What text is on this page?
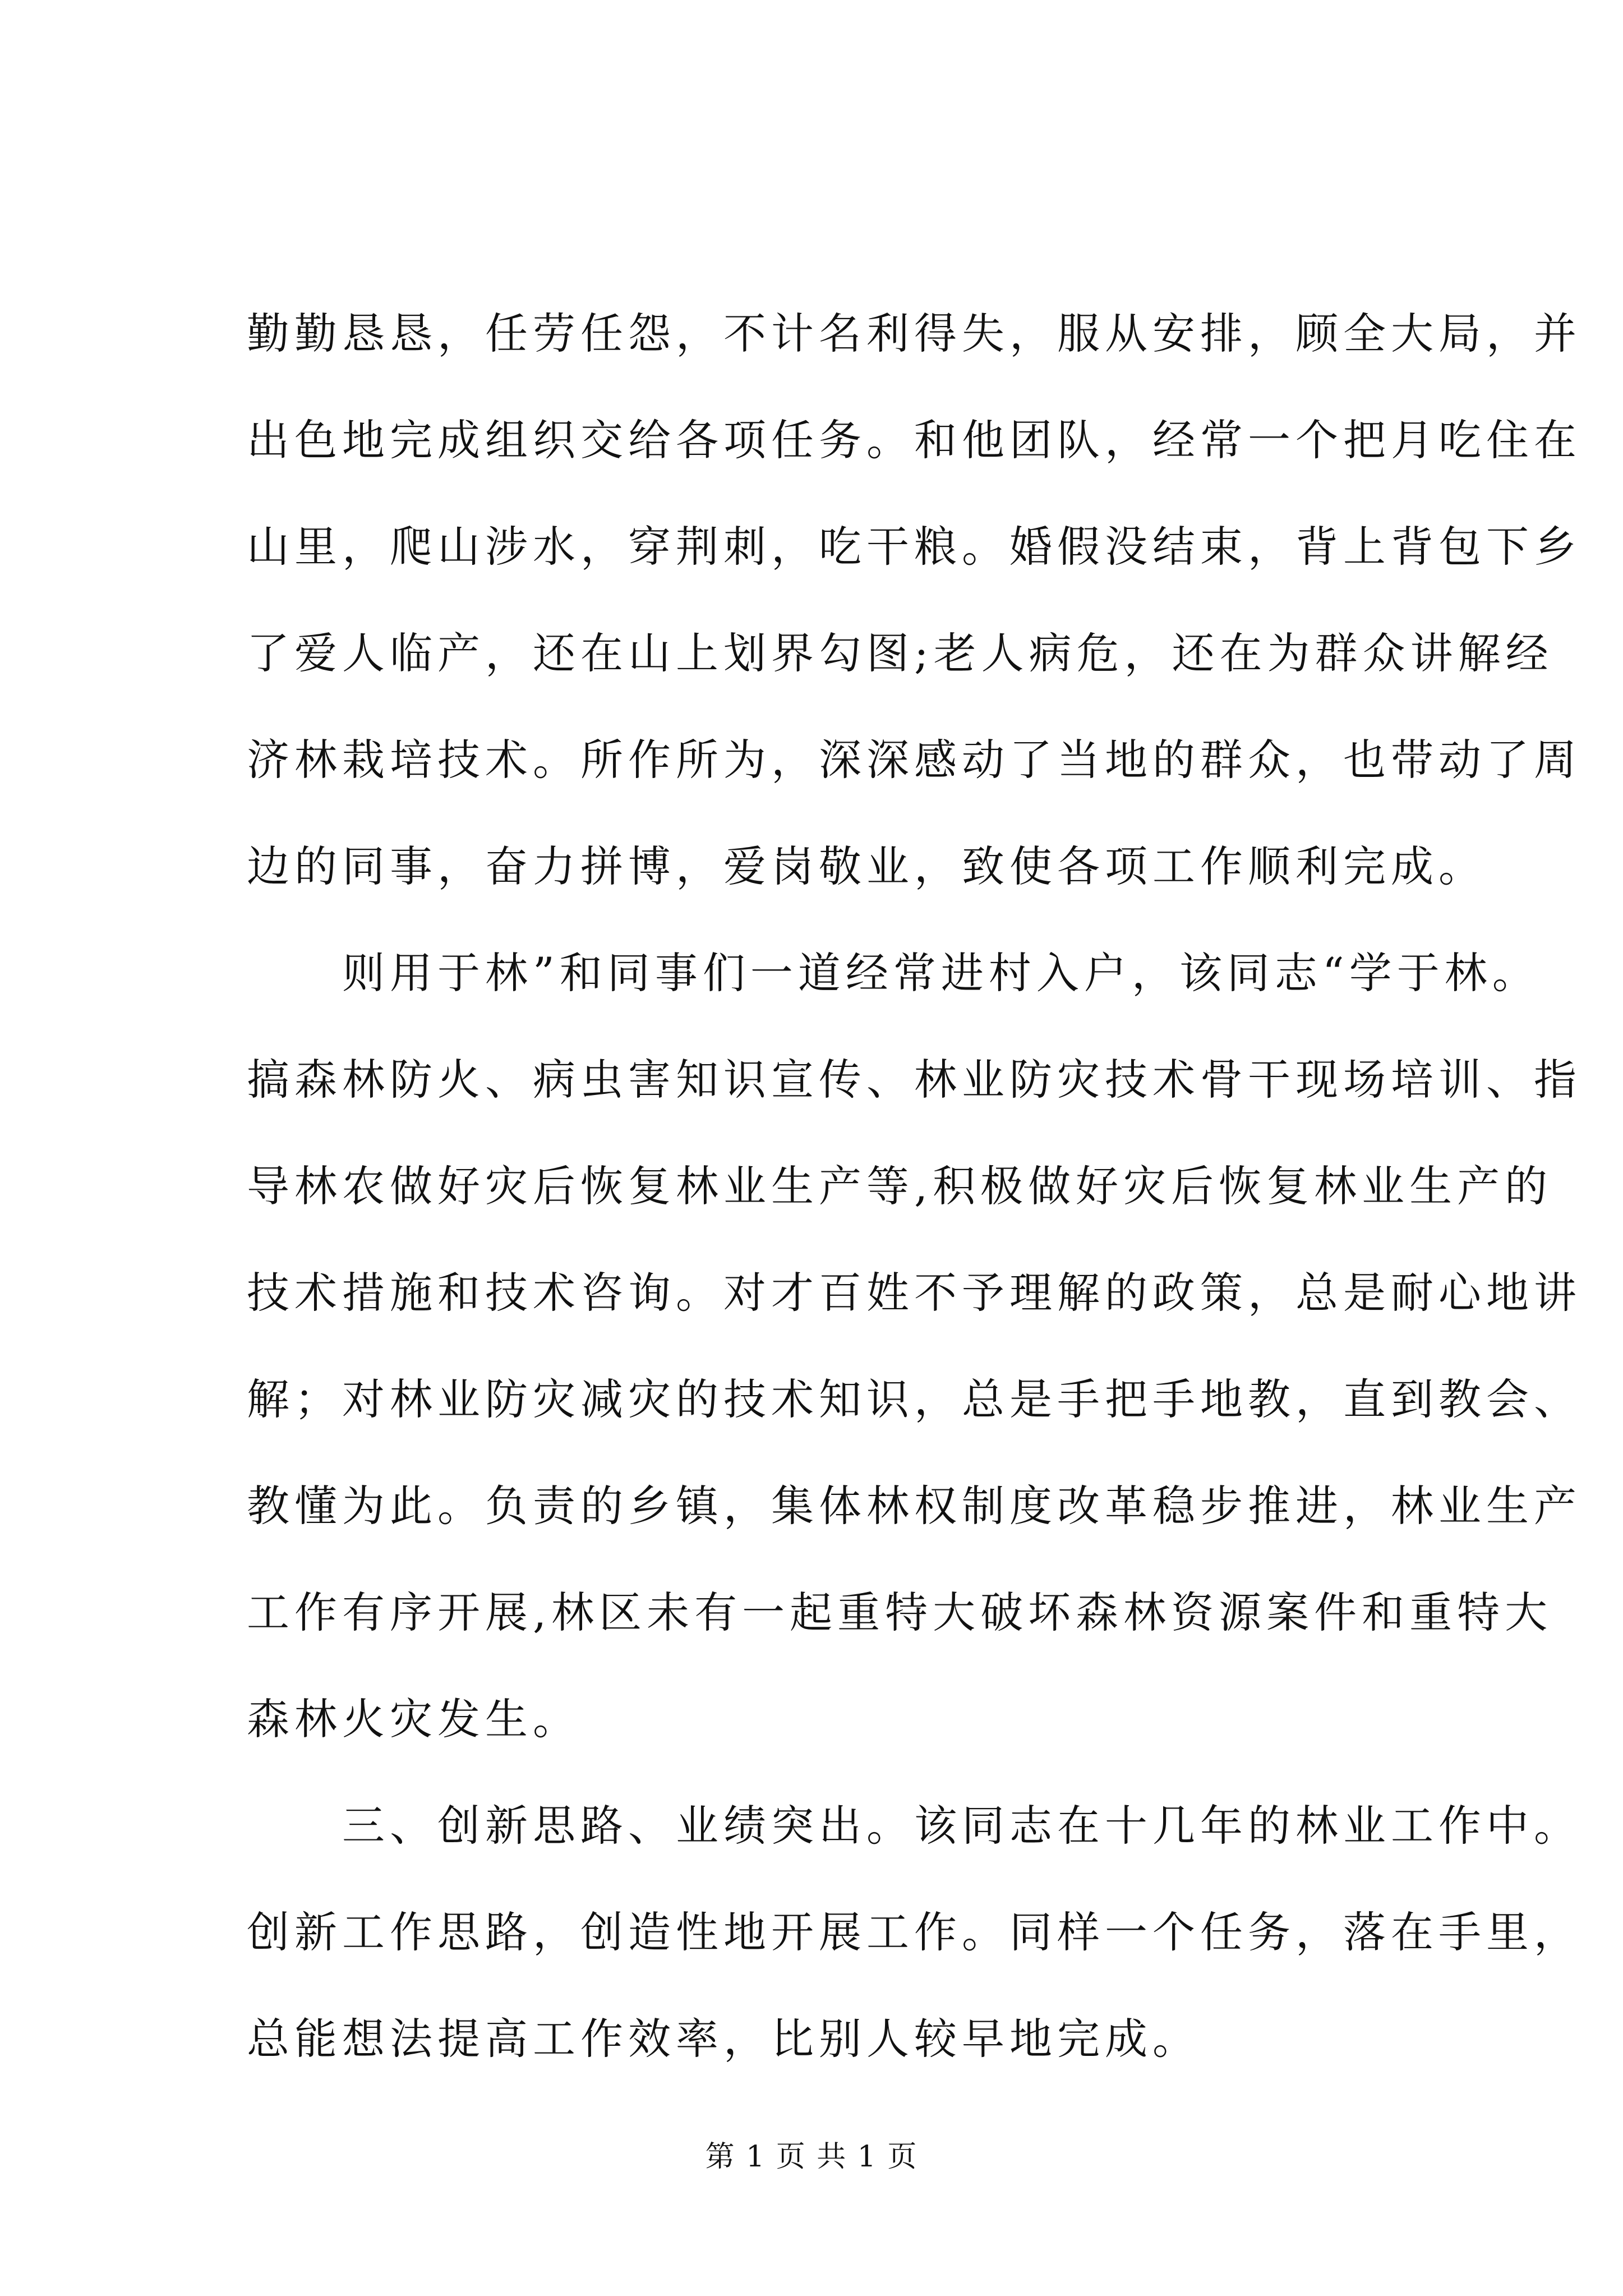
勤勤恳恳，任劳任怨，不计名利得失，服从安排，顾全大局，并
出色地完成组织交给各项任务。和他团队，经常一个把月吃住在
山里，爬山涉水，穿荆刺，吃干粮。婚假没结束，背上背包下乡
了爱人临产，还在山上划界勾图;老人病危，还在为群众讲解经
济林栽培技术。所作所为，深深感动了当地的群众，也带动了周
边的同事，奋力拼博，爱岗敬业，致使各项工作顺利完成。
则用于林”和同事们一道经常进村入户，该同志“学于林。
搞森林防火、病虫害知识宣传、林业防灾技术骨干现场培训、指
导林农做好灾后恢复林业生产等,积极做好灾后恢复林业生产的
技术措施和技术咨询。对才百姓不予理解的政策，总是耐心地讲
解；对林业防灾减灾的技术知识，总是手把手地教，直到教会、
教懂为此。负责的乡镇，集体林权制度改革稳步推进，林业生产
工作有序开展,林区未有一起重特大破坏森林资源案件和重特大
森林火灾发生。
三、创新思路、业绩突出。该同志在十几年的林业工作中。
创新工作思路，创造性地开展工作。同样一个任务，落在手里，
总能想法提高工作效率，比别人较早地完成。
第 1 页 共 1 页
